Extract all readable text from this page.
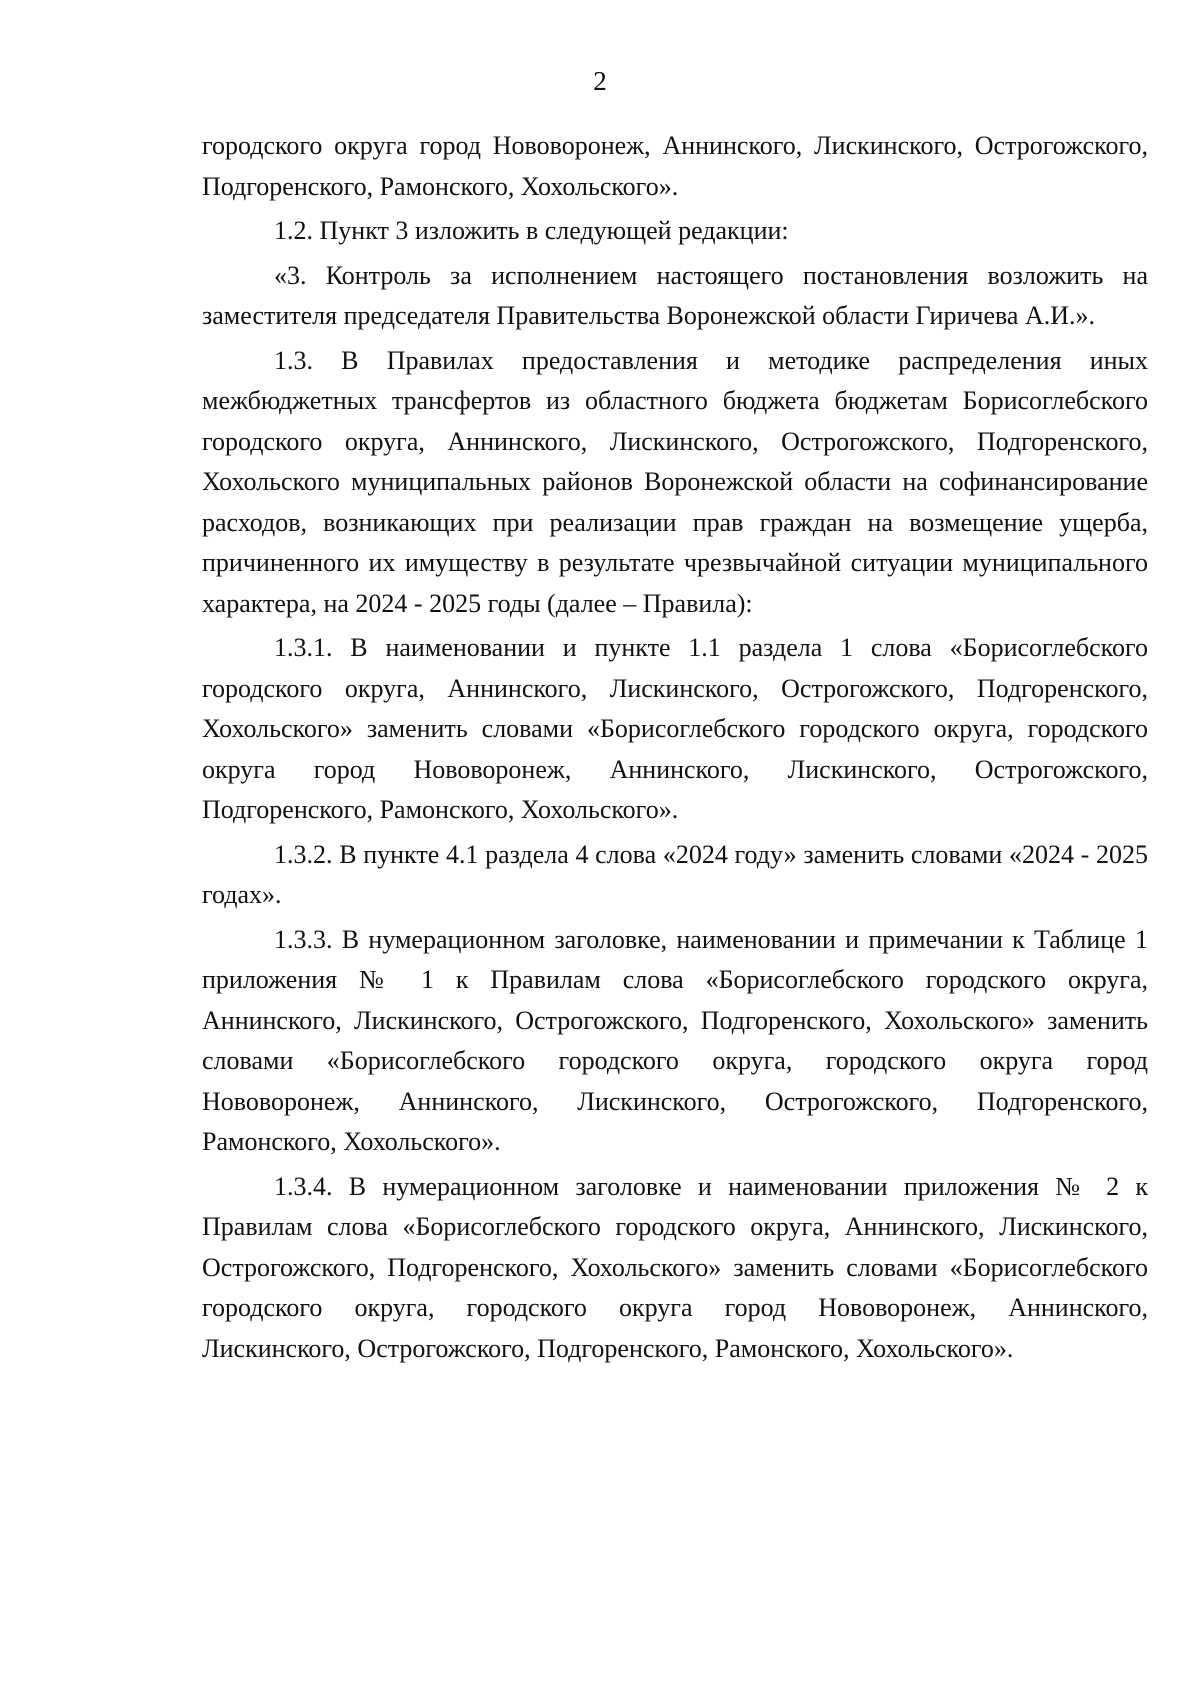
2

городского округа город Нововоронеж, Аннинского, Лискинского, Острогожского, Подгоренского, Рамонского, Хохольского».

1.2. Пункт 3 изложить в следующей редакции:

«3. Контроль за исполнением настоящего постановления возложить на заместителя председателя Правительства Воронежской области Гиричева А.И.».

1.3. В Правилах предоставления и методике распределения иных межбюджетных трансфертов из областного бюджета бюджетам Борисоглебского городского округа, Аннинского, Лискинского, Острогожского, Подгоренского, Хохольского муниципальных районов Воронежской области на софинансирование расходов, возникающих при реализации прав граждан на возмещение ущерба, причиненного их имуществу в результате чрезвычайной ситуации муниципального характера, на 2024 - 2025 годы (далее – Правила):

1.3.1. В наименовании и пункте 1.1 раздела 1 слова «Борисоглебского городского округа, Аннинского, Лискинского, Острогожского, Подгоренского, Хохольского» заменить словами «Борисоглебского городского округа, городского округа город Нововоронеж, Аннинского, Лискинского, Острогожского, Подгоренского, Рамонского, Хохольского».

1.3.2. В пункте 4.1 раздела 4 слова «2024 году» заменить словами «2024 - 2025 годах».

1.3.3. В нумерационном заголовке, наименовании и примечании к Таблице 1 приложения № 1 к Правилам слова «Борисоглебского городского округа, Аннинского, Лискинского, Острогожского, Подгоренского, Хохольского» заменить словами «Борисоглебского городского округа, городского округа город Нововоронеж, Аннинского, Лискинского, Острогожского, Подгоренского, Рамонского, Хохольского».

1.3.4. В нумерационном заголовке и наименовании приложения № 2 к Правилам слова «Борисоглебского городского округа, Аннинского, Лискинского, Острогожского, Подгоренского, Хохольского» заменить словами «Борисоглебского городского округа, городского округа город Нововоронеж, Аннинского, Лискинского, Острогожского, Подгоренского, Рамонского, Хохольского».
